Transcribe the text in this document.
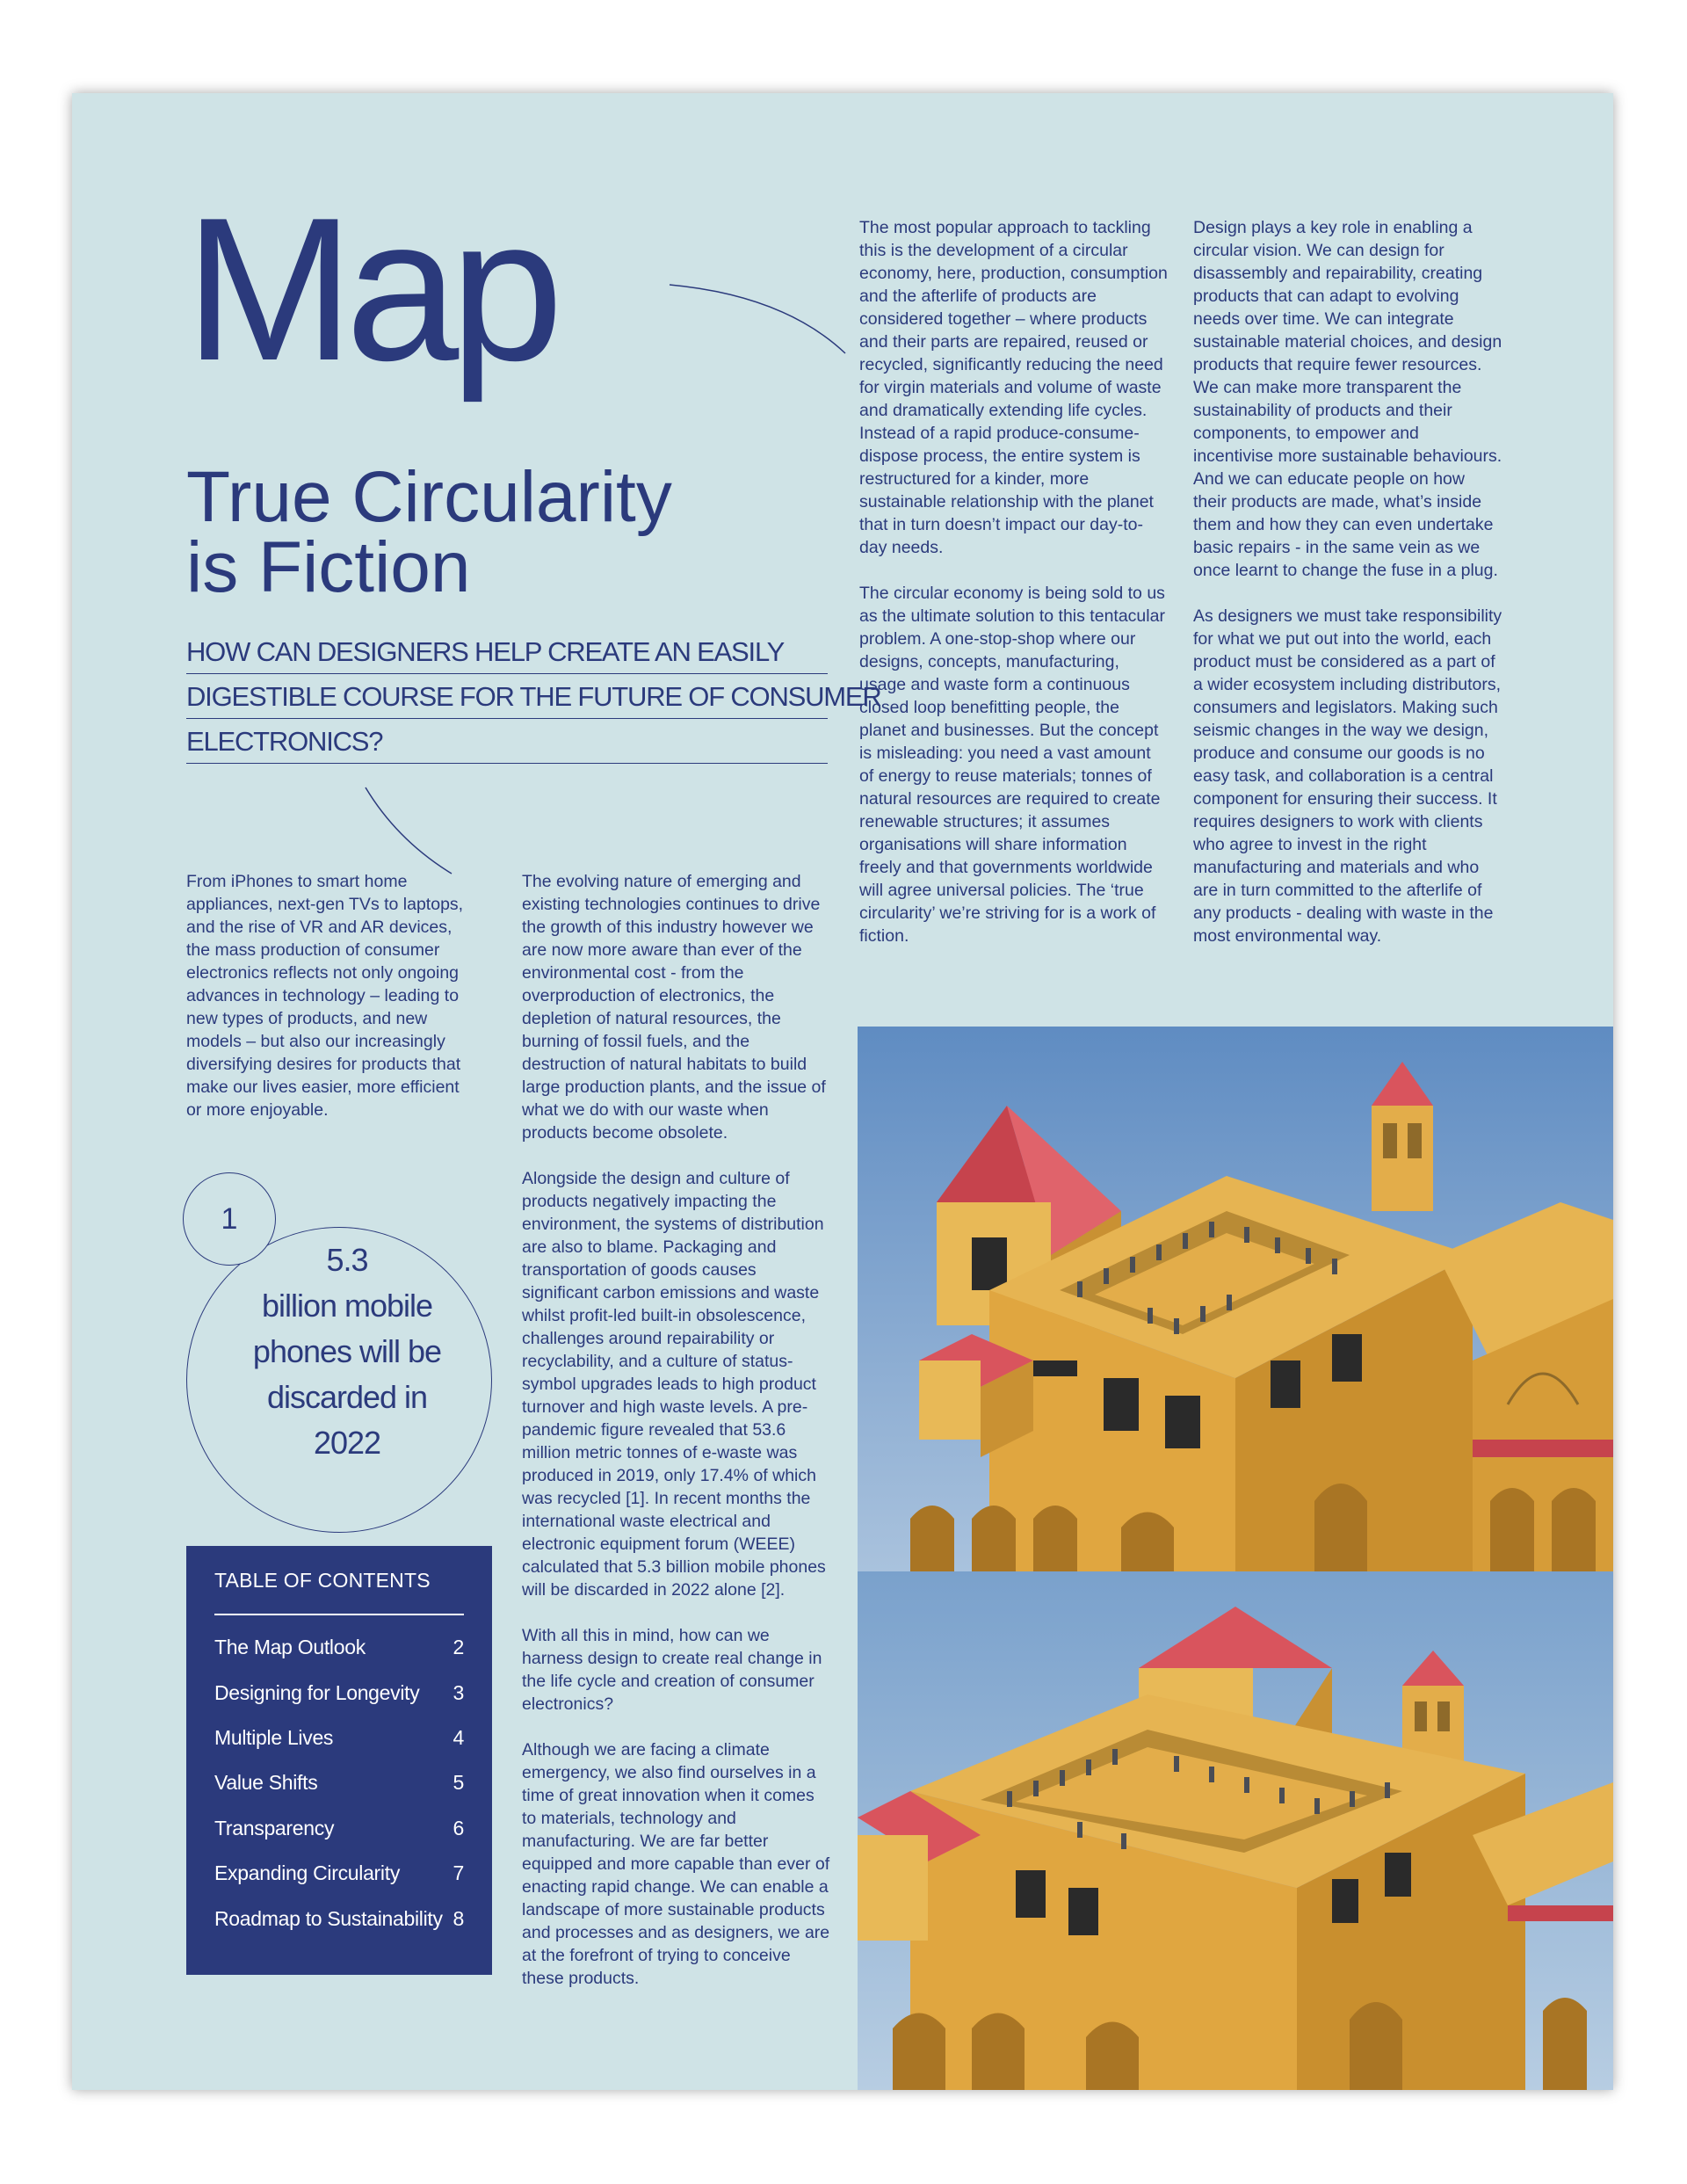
Map
True Circularity
is Fiction
HOW CAN DESIGNERS HELP CREATE AN EASILY
DIGESTIBLE COURSE FOR THE FUTURE OF CONSUMER
ELECTRONICS?

From iPhones to smart home appliances, next-gen TVs to laptops, and the rise of VR and AR devices, the mass production of consumer electronics reflects not only ongoing advances in technology – leading to new types of products, and new models – but also our increasingly diversifying desires for products that make our lives easier, more efficient or more enjoyable.

1
5.3
billion mobile
phones will be
discarded in
2022
TABLE OF CONTENTS
The Map Outlook	2
Designing for Longevity 3
Multiple Lives	4
Value Shifts	5
Transparency	6
Expanding Circularity	7
Roadmap to Sustainability 8

The evolving nature of emerging and existing technologies continues to drive the growth of this industry however we are now more aware than ever of the environmental cost - from the overproduction of electronics, the depletion of natural resources, the burning of fossil fuels, and the destruction of natural habitats to build large production plants, and the issue of what we do with our waste when products become obsolete.

Alongside the design and culture of products negatively impacting the environment, the systems of distribution are also to blame. Packaging and transportation of goods causes significant carbon emissions and waste whilst profit-led built-in obsolescence, challenges around repairability or recyclability, and a culture of status-symbol upgrades leads to high product turnover and high waste levels. A pre-pandemic figure revealed that 53.6 million metric tonnes of e-waste was produced in 2019, only 17.4% of which was recycled [1]. In recent months the international waste electrical and electronic equipment forum (WEEE) calculated that 5.3 billion mobile phones will be discarded in 2022 alone [2].

With all this in mind, how can we harness design to create real change in the life cycle and creation of consumer electronics?

Although we are facing a climate emergency, we also find ourselves in a time of great innovation when it comes to materials, technology and manufacturing. We are far better equipped and more capable than ever of enacting rapid change. We can enable a landscape of more sustainable products and processes and as designers, we are at the forefront of trying to conceive these products.

The most popular approach to tackling this is the development of a circular economy, here, production, consumption and the afterlife of products are considered together – where products and their parts are repaired, reused or recycled, significantly reducing the need for virgin materials and volume of waste and dramatically extending life cycles. Instead of a rapid produce-consume-dispose process, the entire system is restructured for a kinder, more sustainable relationship with the planet that in turn doesn’t impact our day-to-day needs.

The circular economy is being sold to us as the ultimate solution to this tentacular problem. A one-stop-shop where our designs, concepts, manufacturing, usage and waste form a continuous closed loop benefitting people, the planet and businesses. But the concept is misleading: you need a vast amount of energy to reuse materials; tonnes of natural resources are required to create renewable structures; it assumes organisations will share information freely and that governments worldwide will agree universal policies. The ‘true circularity’ we’re striving for is a work of fiction.

Design plays a key role in enabling a circular vision. We can design for disassembly and repairability, creating products that can adapt to evolving needs over time. We can integrate sustainable material choices, and design products that require fewer resources. We can make more transparent the sustainability of products and their components, to empower and incentivise more sustainable behaviours. And we can educate people on how their products are made, what’s inside them and how they can even undertake basic repairs - in the same vein as we once learnt to change the fuse in a plug.

As designers we must take responsibility for what we put out into the world, each product must be considered as a part of a wider ecosystem including distributors, consumers and legislators. Making such seismic changes in the way we design, produce and consume our goods is no easy task, and collaboration is a central component for ensuring their success. It requires designers to work with clients who agree to invest in the right manufacturing and materials and who are in turn committed to the afterlife of any products - dealing with waste in the most environmental way.
